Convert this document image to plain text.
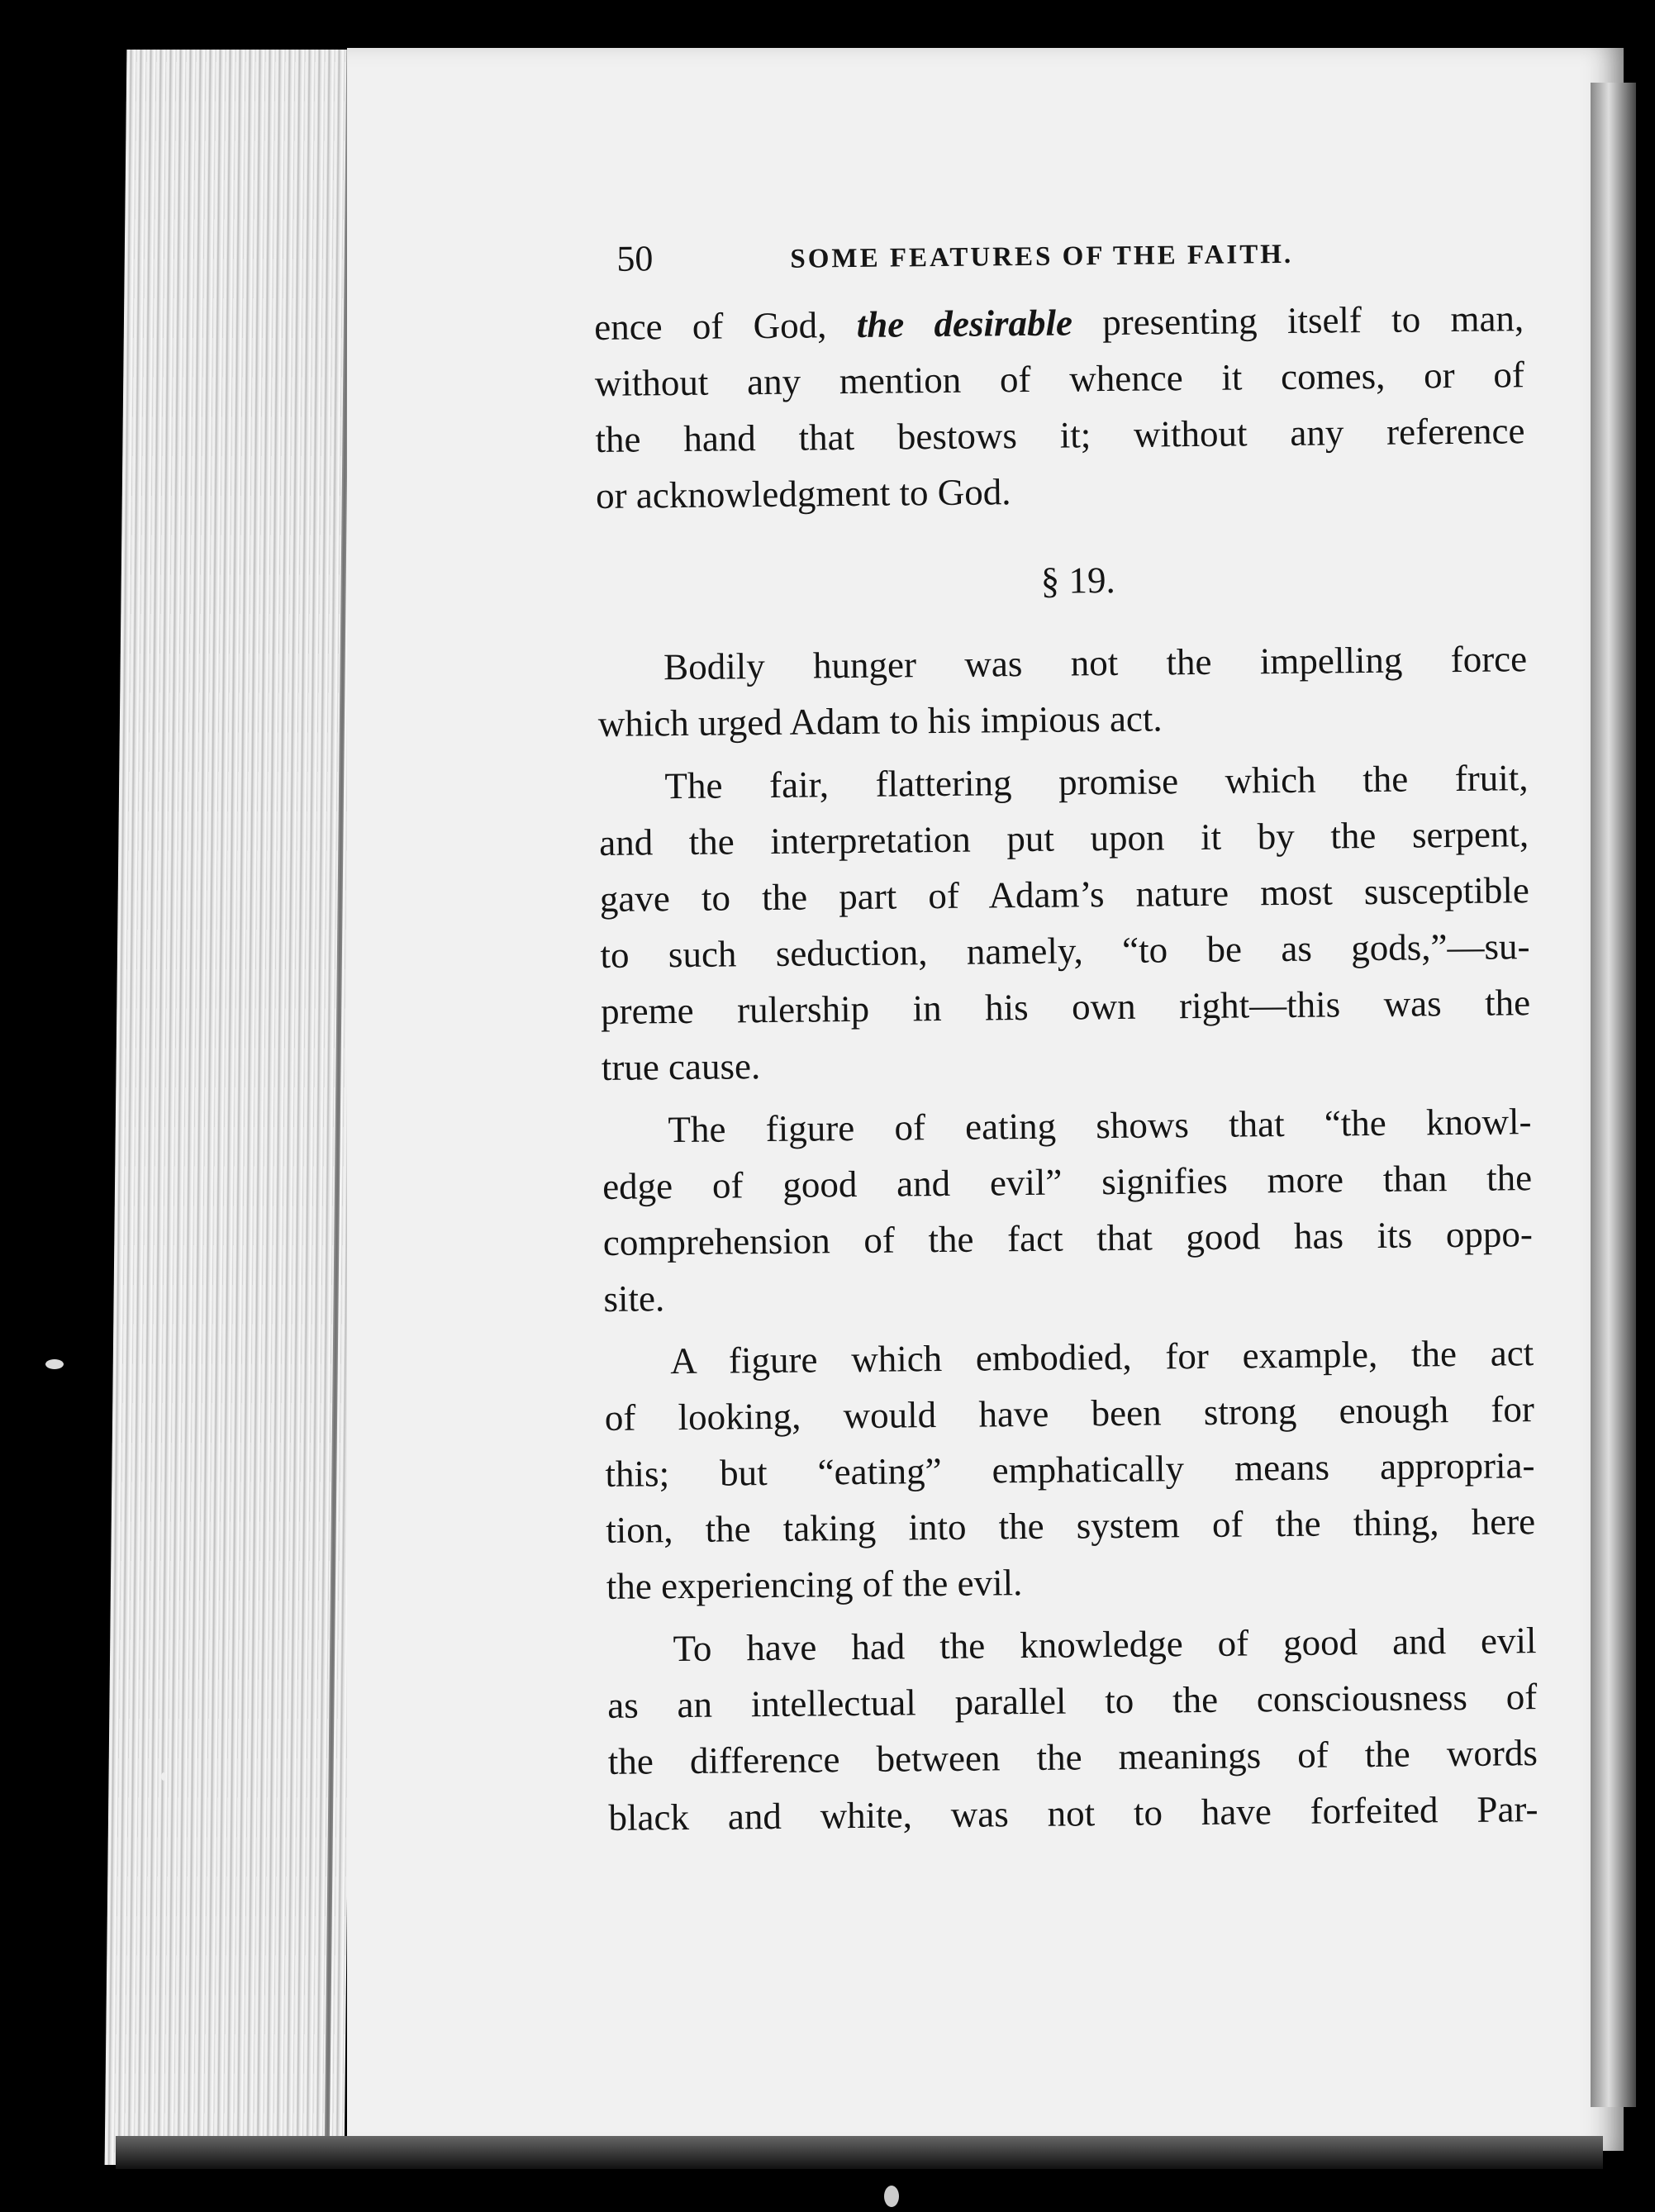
50	SOME FEATURES OF THE FAITH.

ence of God, the desirable presenting itself to man,
without any mention of whence it comes, or of
the hand that bestows it; without any reference
or acknowledgment to God.

§ 19.

Bodily hunger was not the impelling force
which urged Adam to his impious act.

The fair, flattering promise which the fruit,
and the interpretation put upon it by the serpent,
gave to the part of Adam’s nature most susceptible
to such seduction, namely, “to be as gods,”—su-
preme rulership in his own right—this was the
true cause.

The figure of eating shows that “the knowl-
edge of good and evil” signifies more than the
comprehension of the fact that good has its oppo-
site.

A figure which embodied, for example, the act
of looking, would have been strong enough for
this; but “eating” emphatically means appropria-
tion, the taking into the system of the thing, here
the experiencing of the evil.

To have had the knowledge of good and evil
as an intellectual parallel to the consciousness of
the difference between the meanings of the words
black and white, was not to have forfeited Par-
